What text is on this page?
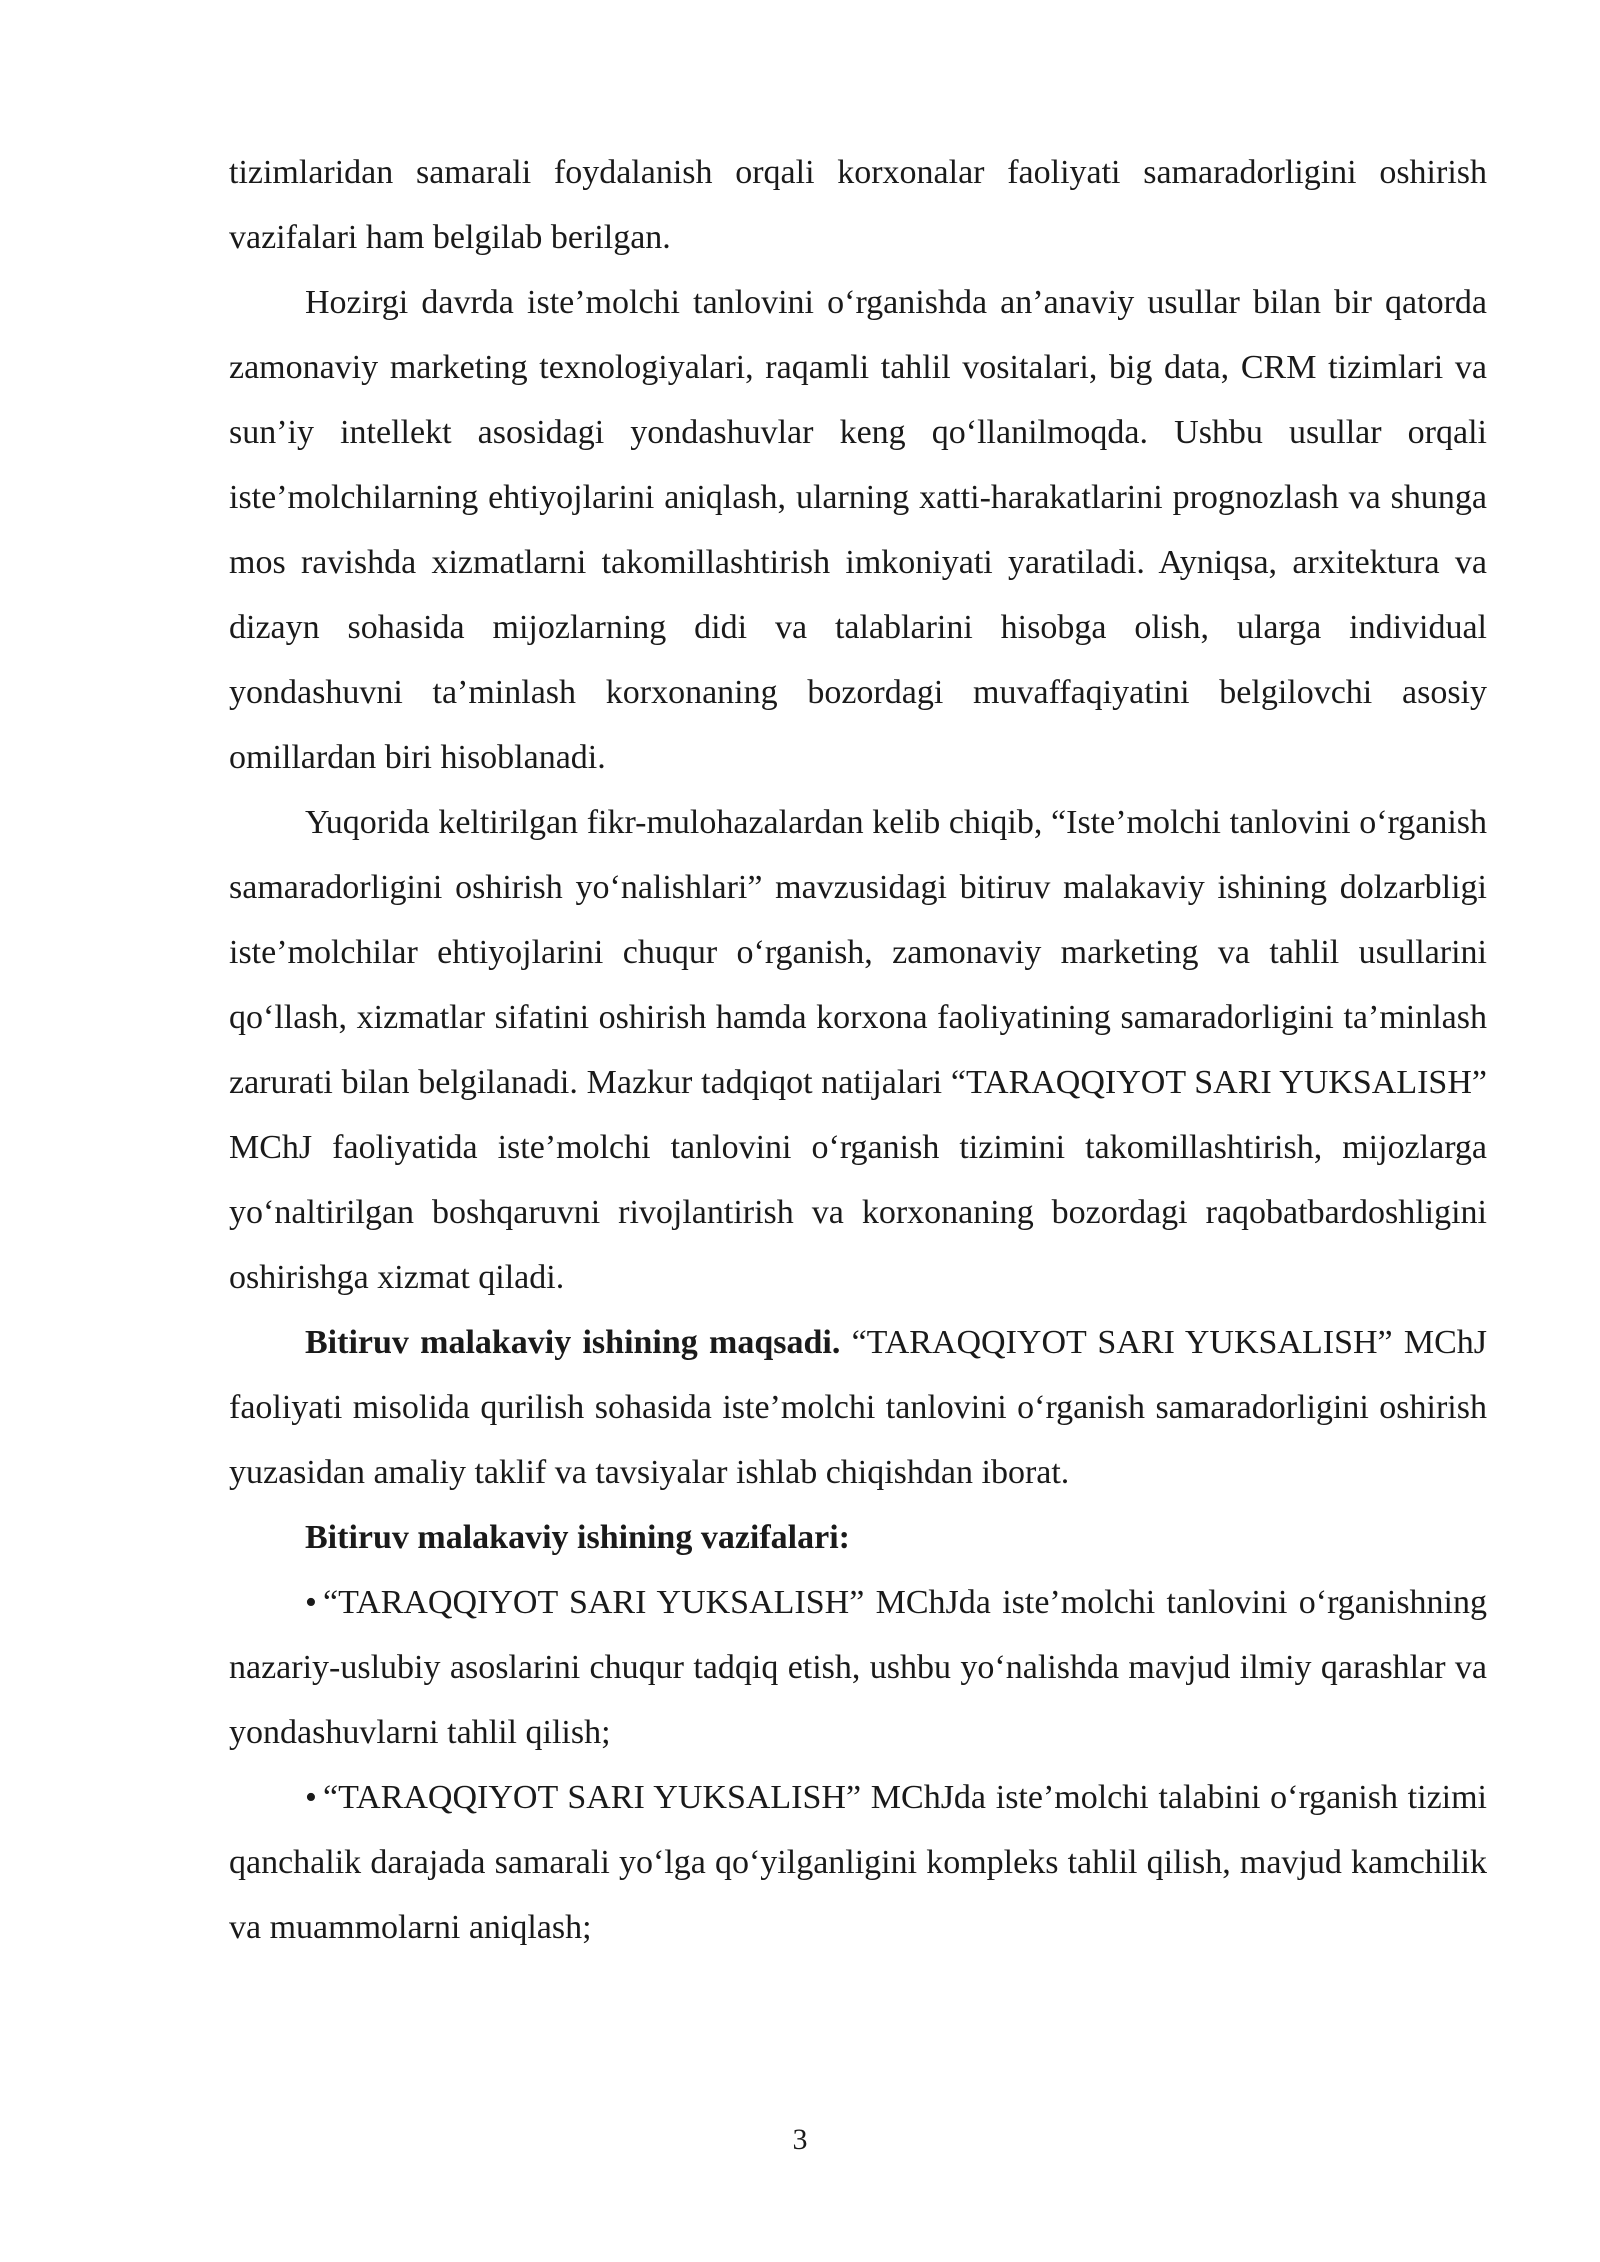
tizimlaridan samarali foydalanish orqali korxonalar faoliyati samaradorligini oshirish vazifalari ham belgilab berilgan.

Hozirgi davrda iste’molchi tanlovini o‘rganishda an’anaviy usullar bilan bir qatorda zamonaviy marketing texnologiyalari, raqamli tahlil vositalari, big data, CRM tizimlari va sun’iy intellekt asosidagi yondashuvlar keng qo‘llanilmoqda. Ushbu usullar orqali iste’molchilarning ehtiyojlarini aniqlash, ularning xatti-harakatlarini prognozlash va shunga mos ravishda xizmatlarni takomillashtirish imkoniyati yaratiladi. Ayniqsa, arxitektura va dizayn sohasida mijozlarning didi va talablarini hisobga olish, ularga individual yondashuvni ta’minlash korxonaning bozordagi muvaffaqiyatini belgilovchi asosiy omillardan biri hisoblanadi.

Yuqorida keltirilgan fikr-mulohazalardan kelib chiqib, “Iste’molchi tanlovini o‘rganish samaradorligini oshirish yo‘nalishlari” mavzusidagi bitiruv malakaviy ishining dolzarbligi iste’molchilar ehtiyojlarini chuqur o‘rganish, zamonaviy marketing va tahlil usullarini qo‘llash, xizmatlar sifatini oshirish hamda korxona faoliyatining samaradorligini ta’minlash zarurati bilan belgilanadi. Mazkur tadqiqot natijalari “TARAQQIYOT SARI YUKSALISH” MChJ faoliyatida iste’molchi tanlovini o‘rganish tizimini takomillashtirish, mijozlarga yo‘naltirilgan boshqaruvni rivojlantirish va korxonaning bozordagi raqobatbardoshligini oshirishga xizmat qiladi.

Bitiruv malakaviy ishining maqsadi. “TARAQQIYOT SARI YUKSALISH” MChJ faoliyati misolida qurilish sohasida iste’molchi tanlovini o‘rganish samaradorligini oshirish yuzasidan amaliy taklif va tavsiyalar ishlab chiqishdan iborat.

Bitiruv malakaviy ishining vazifalari:

• “TARAQQIYOT SARI YUKSALISH” MChJda iste’molchi tanlovini o‘rganishning nazariy-uslubiy asoslarini chuqur tadqiq etish, ushbu yo‘nalishda mavjud ilmiy qarashlar va yondashuvlarni tahlil qilish;

• “TARAQQIYOT SARI YUKSALISH” MChJda iste’molchi talabini o‘rganish tizimi qanchalik darajada samarali yo‘lga qo‘yilganligini kompleks tahlil qilish, mavjud kamchilik va muammolarni aniqlash;

3
